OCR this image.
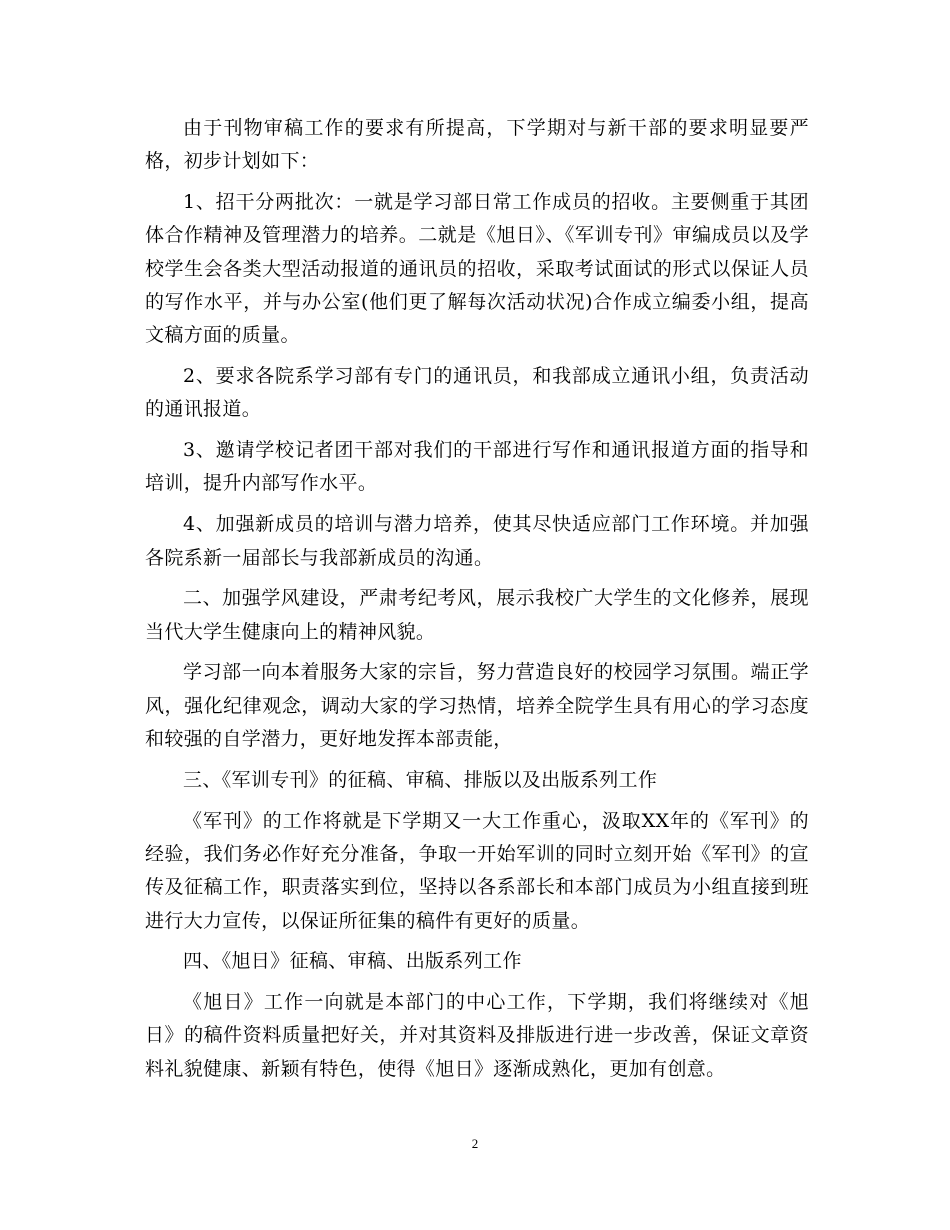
由于刊物审稿工作的要求有所提高，下学期对与新干部的要求明显要严格，初步计划如下：

1、招干分两批次：一就是学习部日常工作成员的招收。主要侧重于其团体合作精神及管理潜力的培养。二就是《旭日》、《军训专刊》审编成员以及学校学生会各类大型活动报道的通讯员的招收，采取考试面试的形式以保证人员的写作水平，并与办公室(他们更了解每次活动状况)合作成立编委小组，提高文稿方面的质量。

2、要求各院系学习部有专门的通讯员，和我部成立通讯小组，负责活动的通讯报道。

3、邀请学校记者团干部对我们的干部进行写作和通讯报道方面的指导和培训，提升内部写作水平。

4、加强新成员的培训与潜力培养，使其尽快适应部门工作环境。并加强各院系新一届部长与我部新成员的沟通。

二、加强学风建设，严肃考纪考风，展示我校广大学生的文化修养，展现当代大学生健康向上的精神风貌。

学习部一向本着服务大家的宗旨，努力营造良好的校园学习氛围。端正学风，强化纪律观念，调动大家的学习热情，培养全院学生具有用心的学习态度和较强的自学潜力，更好地发挥本部责能，

三、《军训专刊》的征稿、审稿、排版以及出版系列工作

《军刊》的工作将就是下学期又一大工作重心，汲取XX年的《军刊》的经验，我们务必作好充分准备，争取一开始军训的同时立刻开始《军刊》的宣传及征稿工作，职责落实到位，坚持以各系部长和本部门成员为小组直接到班进行大力宣传，以保证所征集的稿件有更好的质量。

四、《旭日》征稿、审稿、出版系列工作

《旭日》工作一向就是本部门的中心工作，下学期，我们将继续对《旭日》的稿件资料质量把好关，并对其资料及排版进行进一步改善，保证文章资料礼貌健康、新颖有特色，使得《旭日》逐渐成熟化，更加有创意。

2
